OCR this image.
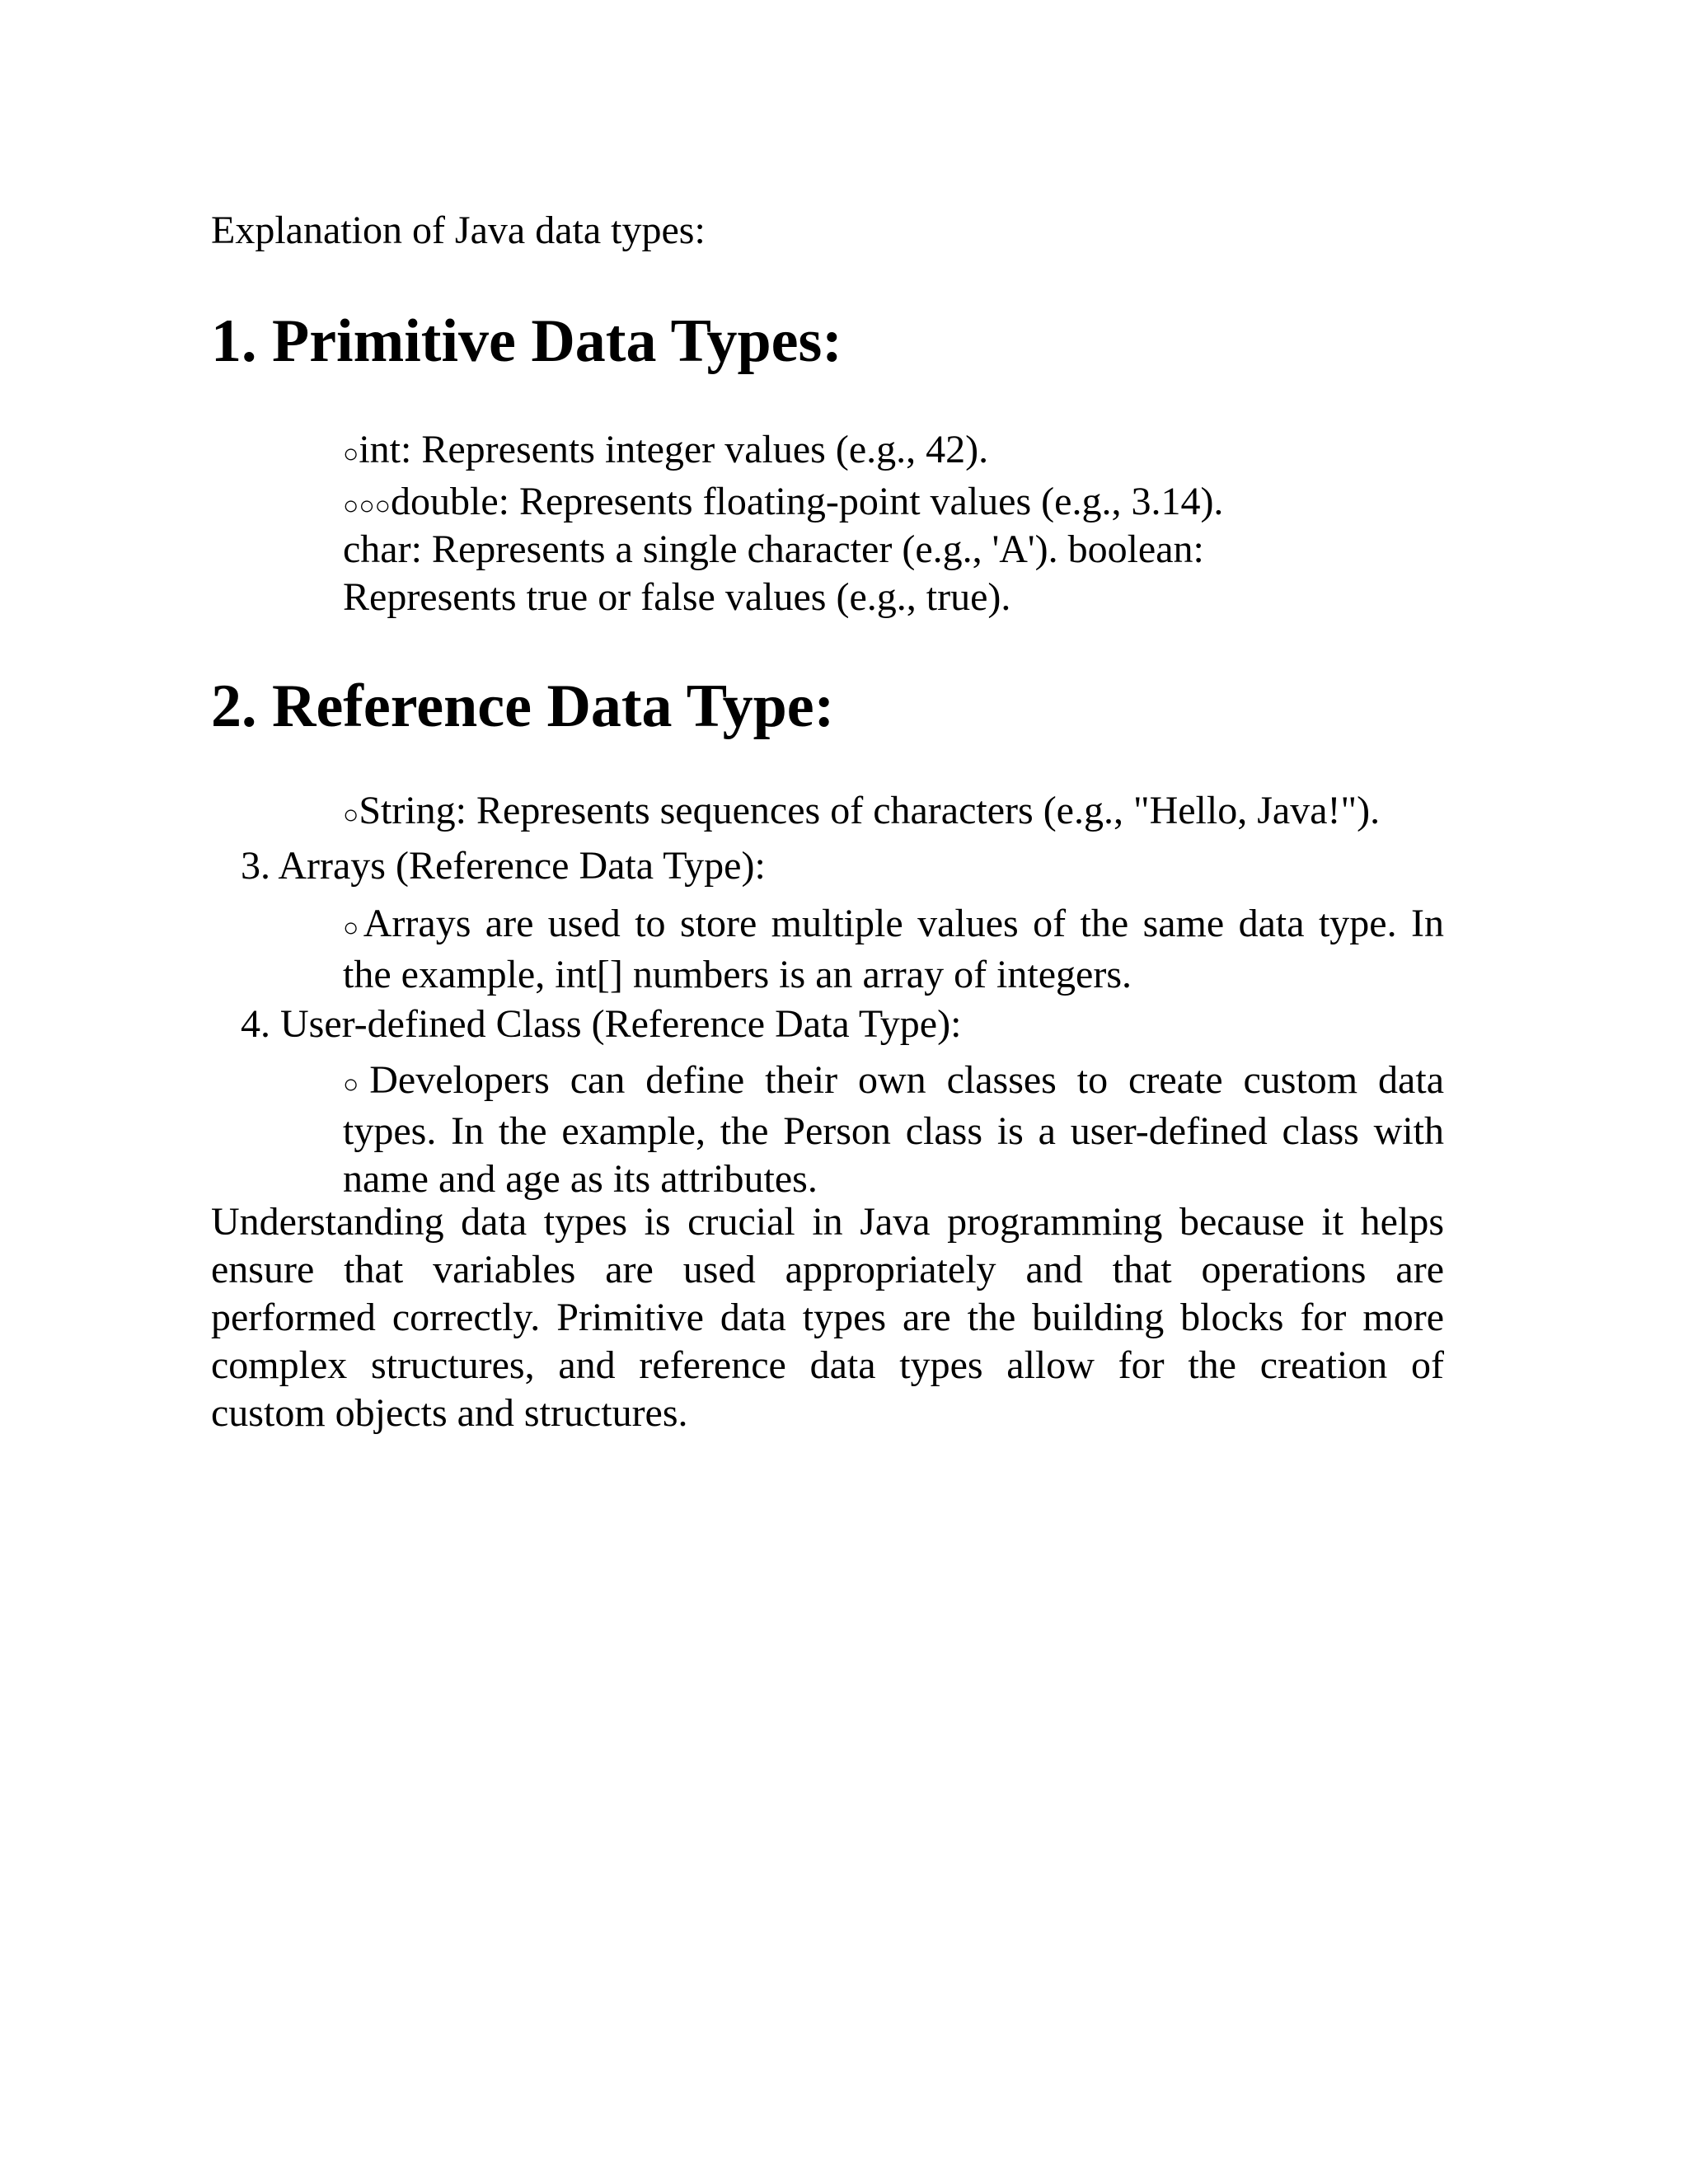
Explanation of Java data types:

1. Primitive Data Types:
○int: Represents integer values (e.g., 42).
○○○double: Represents floating-point values (e.g., 3.14).
char: Represents a single character (e.g., 'A'). boolean:
Represents true or false values (e.g., true).
2. Reference Data Type:
○String: Represents sequences of characters (e.g., "Hello, Java!").

3. Arrays (Reference Data Type):

○Arrays are used to store multiple values of the same data type. In
the example, int[] numbers is an array of integers.

4. User-defined Class (Reference Data Type):

○Developers can define their own classes to create custom data
types. In the example, the Person class is a user-defined class with
name and age as its attributes.
Understanding data types is crucial in Java programming because it helps
ensure that variables are used appropriately and that operations are
performed correctly. Primitive data types are the building blocks for more
complex structures, and reference data types allow for the creation of
custom objects and structures.
